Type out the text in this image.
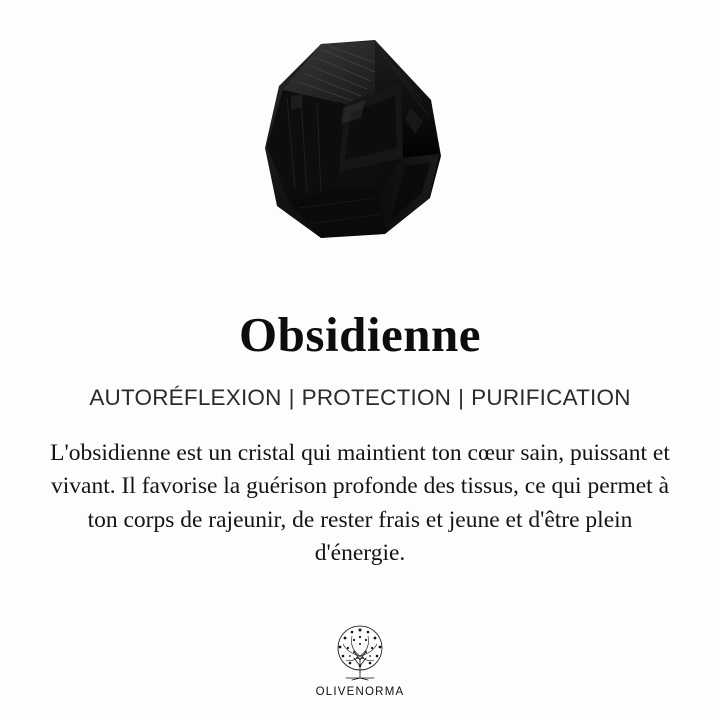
Obsidienne
AUTORÉFLEXION | PROTECTION | PURIFICATION

L'obsidienne est un cristal qui maintient ton cœur sain, puissant et vivant. Il favorise la guérison profonde des tissus, ce qui permet à ton corps de rajeunir, de rester frais et jeune et d'être plein d'énergie.

OLIVENORMA
